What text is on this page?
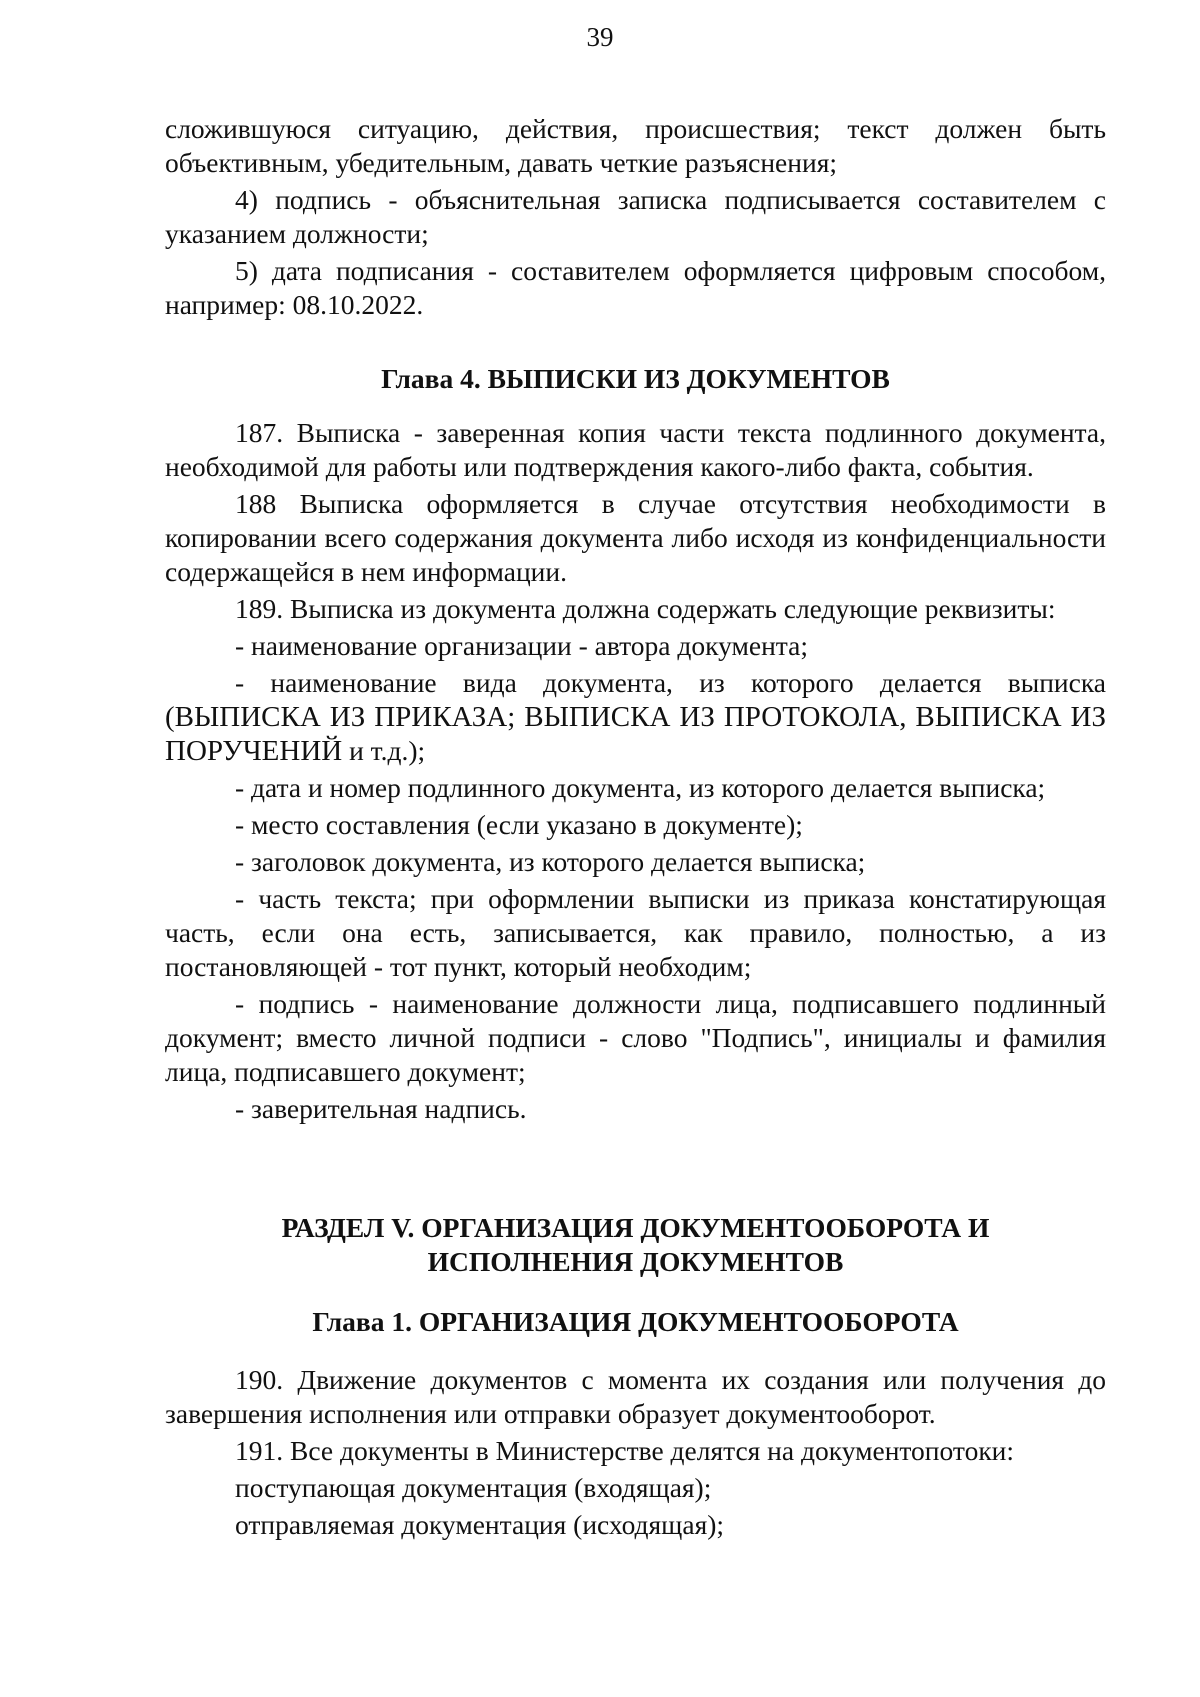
39

сложившуюся ситуацию, действия, происшествия; текст должен быть объективным, убедительным, давать четкие разъяснения;

4) подпись - объяснительная записка подписывается составителем с указанием должности;

5) дата подписания - составителем оформляется цифровым способом, например: 08.10.2022.

Глава 4. ВЫПИСКИ ИЗ ДОКУМЕНТОВ

187. Выписка - заверенная копия части текста подлинного документа, необходимой для работы или подтверждения какого-либо факта, события.

188 Выписка оформляется в случае отсутствия необходимости в копировании всего содержания документа либо исходя из конфиденциальности содержащейся в нем информации.

189. Выписка из документа должна содержать следующие реквизиты:

- наименование организации - автора документа;

- наименование вида документа, из которого делается выписка (ВЫПИСКА ИЗ ПРИКАЗА; ВЫПИСКА ИЗ ПРОТОКОЛА, ВЫПИСКА ИЗ ПОРУЧЕНИЙ и т.д.);

- дата и номер подлинного документа, из которого делается выписка;

- место составления (если указано в документе);

- заголовок документа, из которого делается выписка;

- часть текста; при оформлении выписки из приказа констатирующая часть, если она есть, записывается, как правило, полностью, а из постановляющей - тот пункт, который необходим;

- подпись - наименование должности лица, подписавшего подлинный документ; вместо личной подписи - слово "Подпись", инициалы и фамилия лица, подписавшего документ;

- заверительная надпись.

РАЗДЕЛ V. ОРГАНИЗАЦИЯ ДОКУМЕНТООБОРОТА И

ИСПОЛНЕНИЯ ДОКУМЕНТОВ

Глава 1. ОРГАНИЗАЦИЯ ДОКУМЕНТООБОРОТА

190. Движение документов с момента их создания или получения до завершения исполнения или отправки образует документооборот.

191. Все документы в Министерстве делятся на документопотоки:

поступающая документация (входящая);

отправляемая документация (исходящая);
